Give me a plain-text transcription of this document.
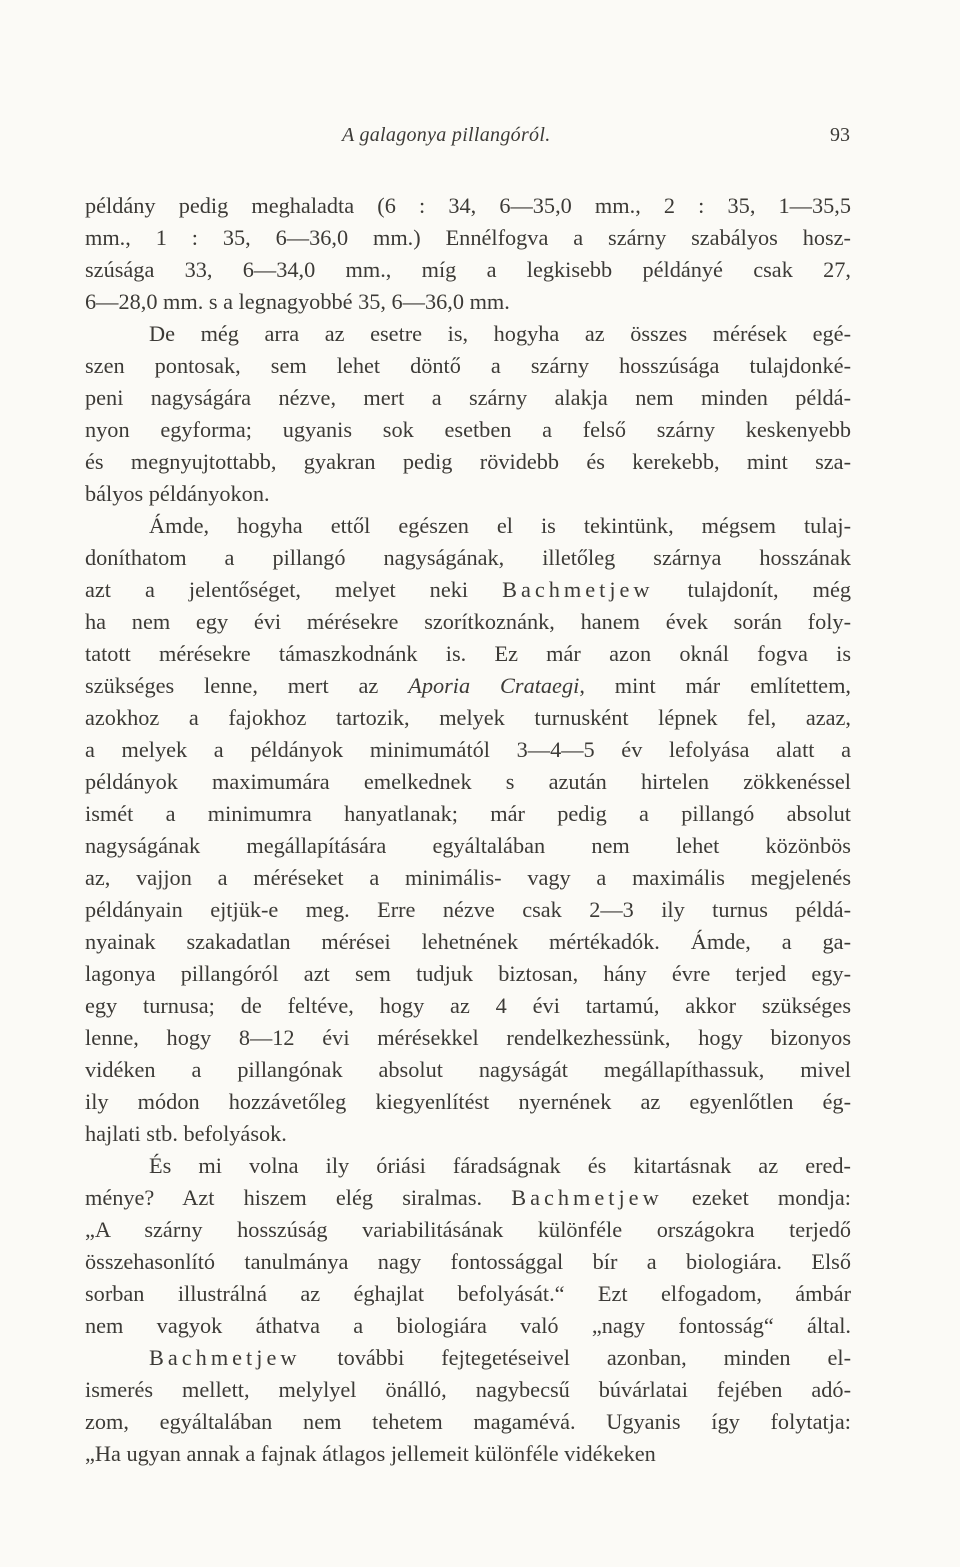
A galagonya pillangóról.	93
példány pedig meghaladta (6 : 34, 6—35,0 mm., 2 : 35, 1—35,5
mm., 1 : 35, 6—36,0 mm.) Ennélfogva a szárny szabályos hosz-
szúsága 33, 6—34,0 mm., míg a legkisebb példányé csak 27,
6—28,0 mm. s a legnagyobbé 35, 6—36,0 mm.
De még arra az esetre is, hogyha az összes mérések egé-
szen pontosak, sem lehet döntő a szárny hosszúsága tulajdonké-
peni nagyságára nézve, mert a szárny alakja nem minden példá-
nyon egyforma; ugyanis sok esetben a felső szárny keskenyebb
és megnyujtottabb, gyakran pedig rövidebb és kerekebb, mint sza-
bályos példányokon.
Ámde, hogyha ettől egészen el is tekintünk, mégsem tulaj-
doníthatom a pillangó nagyságának, illetőleg szárnya hosszának
azt a jelentőséget, melyet neki Bachmetjew tulajdonít, még
ha nem egy évi mérésekre szorítkoznánk, hanem évek során foly-
tatott mérésekre támaszkodnánk is. Ez már azon oknál fogva is
szükséges lenne, mert az Aporia Crataegi, mint már említettem,
azokhoz a fajokhoz tartozik, melyek turnusként lépnek fel, azaz,
a melyek a példányok minimumától 3—4—5 év lefolyása alatt a
példányok maximumára emelkednek s azután hirtelen zökkenéssel
ismét a minimumra hanyatlanak; már pedig a pillangó absolut
nagyságának megállapítására egyáltalában nem lehet közönbös
az, vajjon a méréseket a minimális- vagy a maximális megjelenés
példányain ejtjük-e meg. Erre nézve csak 2—3 ily turnus példá-
nyainak szakadatlan mérései lehetnének mértékadók. Ámde, a ga-
lagonya pillangóról azt sem tudjuk biztosan, hány évre terjed egy-
egy turnusa; de feltéve, hogy az 4 évi tartamú, akkor szükséges
lenne, hogy 8—12 évi mérésekkel rendelkezhessünk, hogy bizonyos
vidéken a pillangónak absolut nagyságát megállapíthassuk, mivel
ily módon hozzávetőleg kiegyenlítést nyernének az egyenlőtlen ég-
hajlati stb. befolyások.
És mi volna ily óriási fáradságnak és kitartásnak az ered-
ménye? Azt hiszem elég siralmas. Bachmetjew ezeket mondja:
„A szárny hosszúság variabilitásának különféle országokra terjedő
összehasonlító tanulmánya nagy fontossággal bír a biologiára. Első
sorban illustrálná az éghajlat befolyását.“ Ezt elfogadom, ámbár
nem vagyok áthatva a biologiára való „nagy fontosság“ által.
Bachmetjew további fejtegetéseivel azonban, minden el-
ismerés mellett, melylyel önálló, nagybecsű búvárlatai fejében adó-
zom, egyáltalában nem tehetem magamévá. Ugyanis így folytatja:
„Ha ugyan annak a fajnak átlagos jellemeit különféle vidékeken
